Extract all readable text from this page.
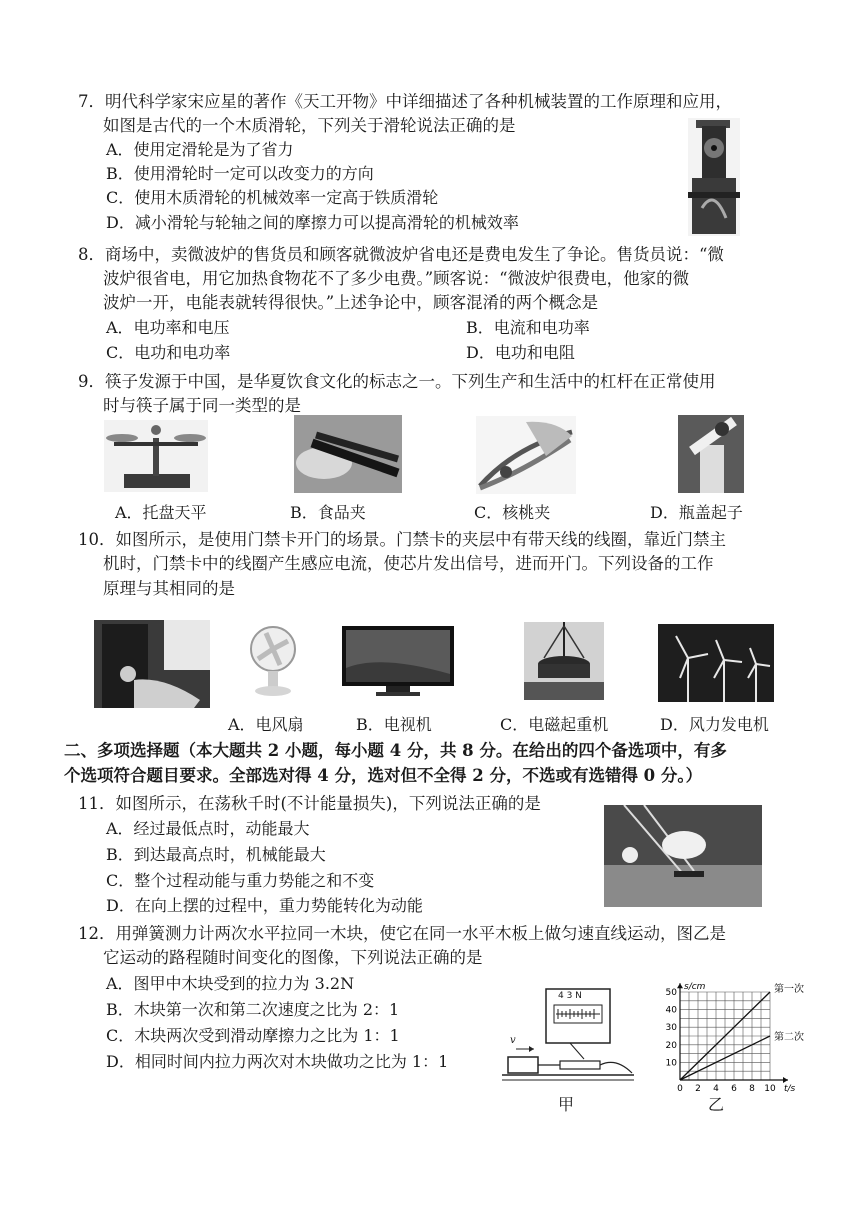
7．明代科学家宋应星的著作《天工开物》中详细描述了各种机械装置的工作原理和应用，
如图是古代的一个木质滑轮，下列关于滑轮说法正确的是
A．使用定滑轮是为了省力
B．使用滑轮时一定可以改变力的方向
C．使用木质滑轮的机械效率一定高于铁质滑轮
D．减小滑轮与轮轴之间的摩擦力可以提高滑轮的机械效率
8．商场中，卖微波炉的售货员和顾客就微波炉省电还是费电发生了争论。售货员说：“微
波炉很省电，用它加热食物花不了多少电费。”顾客说：“微波炉很费电，他家的微
波炉一开，电能表就转得很快。”上述争论中，顾客混淆的两个概念是
A．电功率和电压	B．电流和电功率
C．电功和电功率	D．电功和电阻
9．筷子发源于中国，是华夏饮食文化的标志之一。下列生产和生活中的杠杆在正常使用
时与筷子属于同一类型的是
A．托盘天平	B．食品夹	C．核桃夹	D．瓶盖起子
10．如图所示，是使用门禁卡开门的场景。门禁卡的夹层中有带天线的线圈，靠近门禁主
机时，门禁卡中的线圈产生感应电流，使芯片发出信号，进而开门。下列设备的工作
原理与其相同的是
A．电风扇	B．电视机	C．电磁起重机	D．风力发电机
二、多项选择题（本大题共 2 小题，每小题 4 分，共 8 分。在给出的四个备选项中，有多
个选项符合题目要求。全部选对得 4 分，选对但不全得 2 分，不选或有选错得 0 分。）
11．如图所示，在荡秋千时(不计能量损失)，下列说法正确的是
A．经过最低点时，动能最大
B．到达最高点时，机械能最大
C．整个过程动能与重力势能之和不变
D．在向上摆的过程中，重力势能转化为动能
12．用弹簧测力计两次水平拉同一木块，使它在同一水平木板上做匀速直线运动，图乙是
它运动的路程随时间变化的图像，下列说法正确的是
A．图甲中木块受到的拉力为 3.2N
B．木块第一次和第二次速度之比为 2：1
C．木块两次受到滑动摩擦力之比为 1：1
D．相同时间内拉力两次对木块做功之比为 1：1
4 3 N
v
甲
0 2 4 6 8 10
10
20
30
40
50
t/s
s/cm	第一次
第二次
乙
